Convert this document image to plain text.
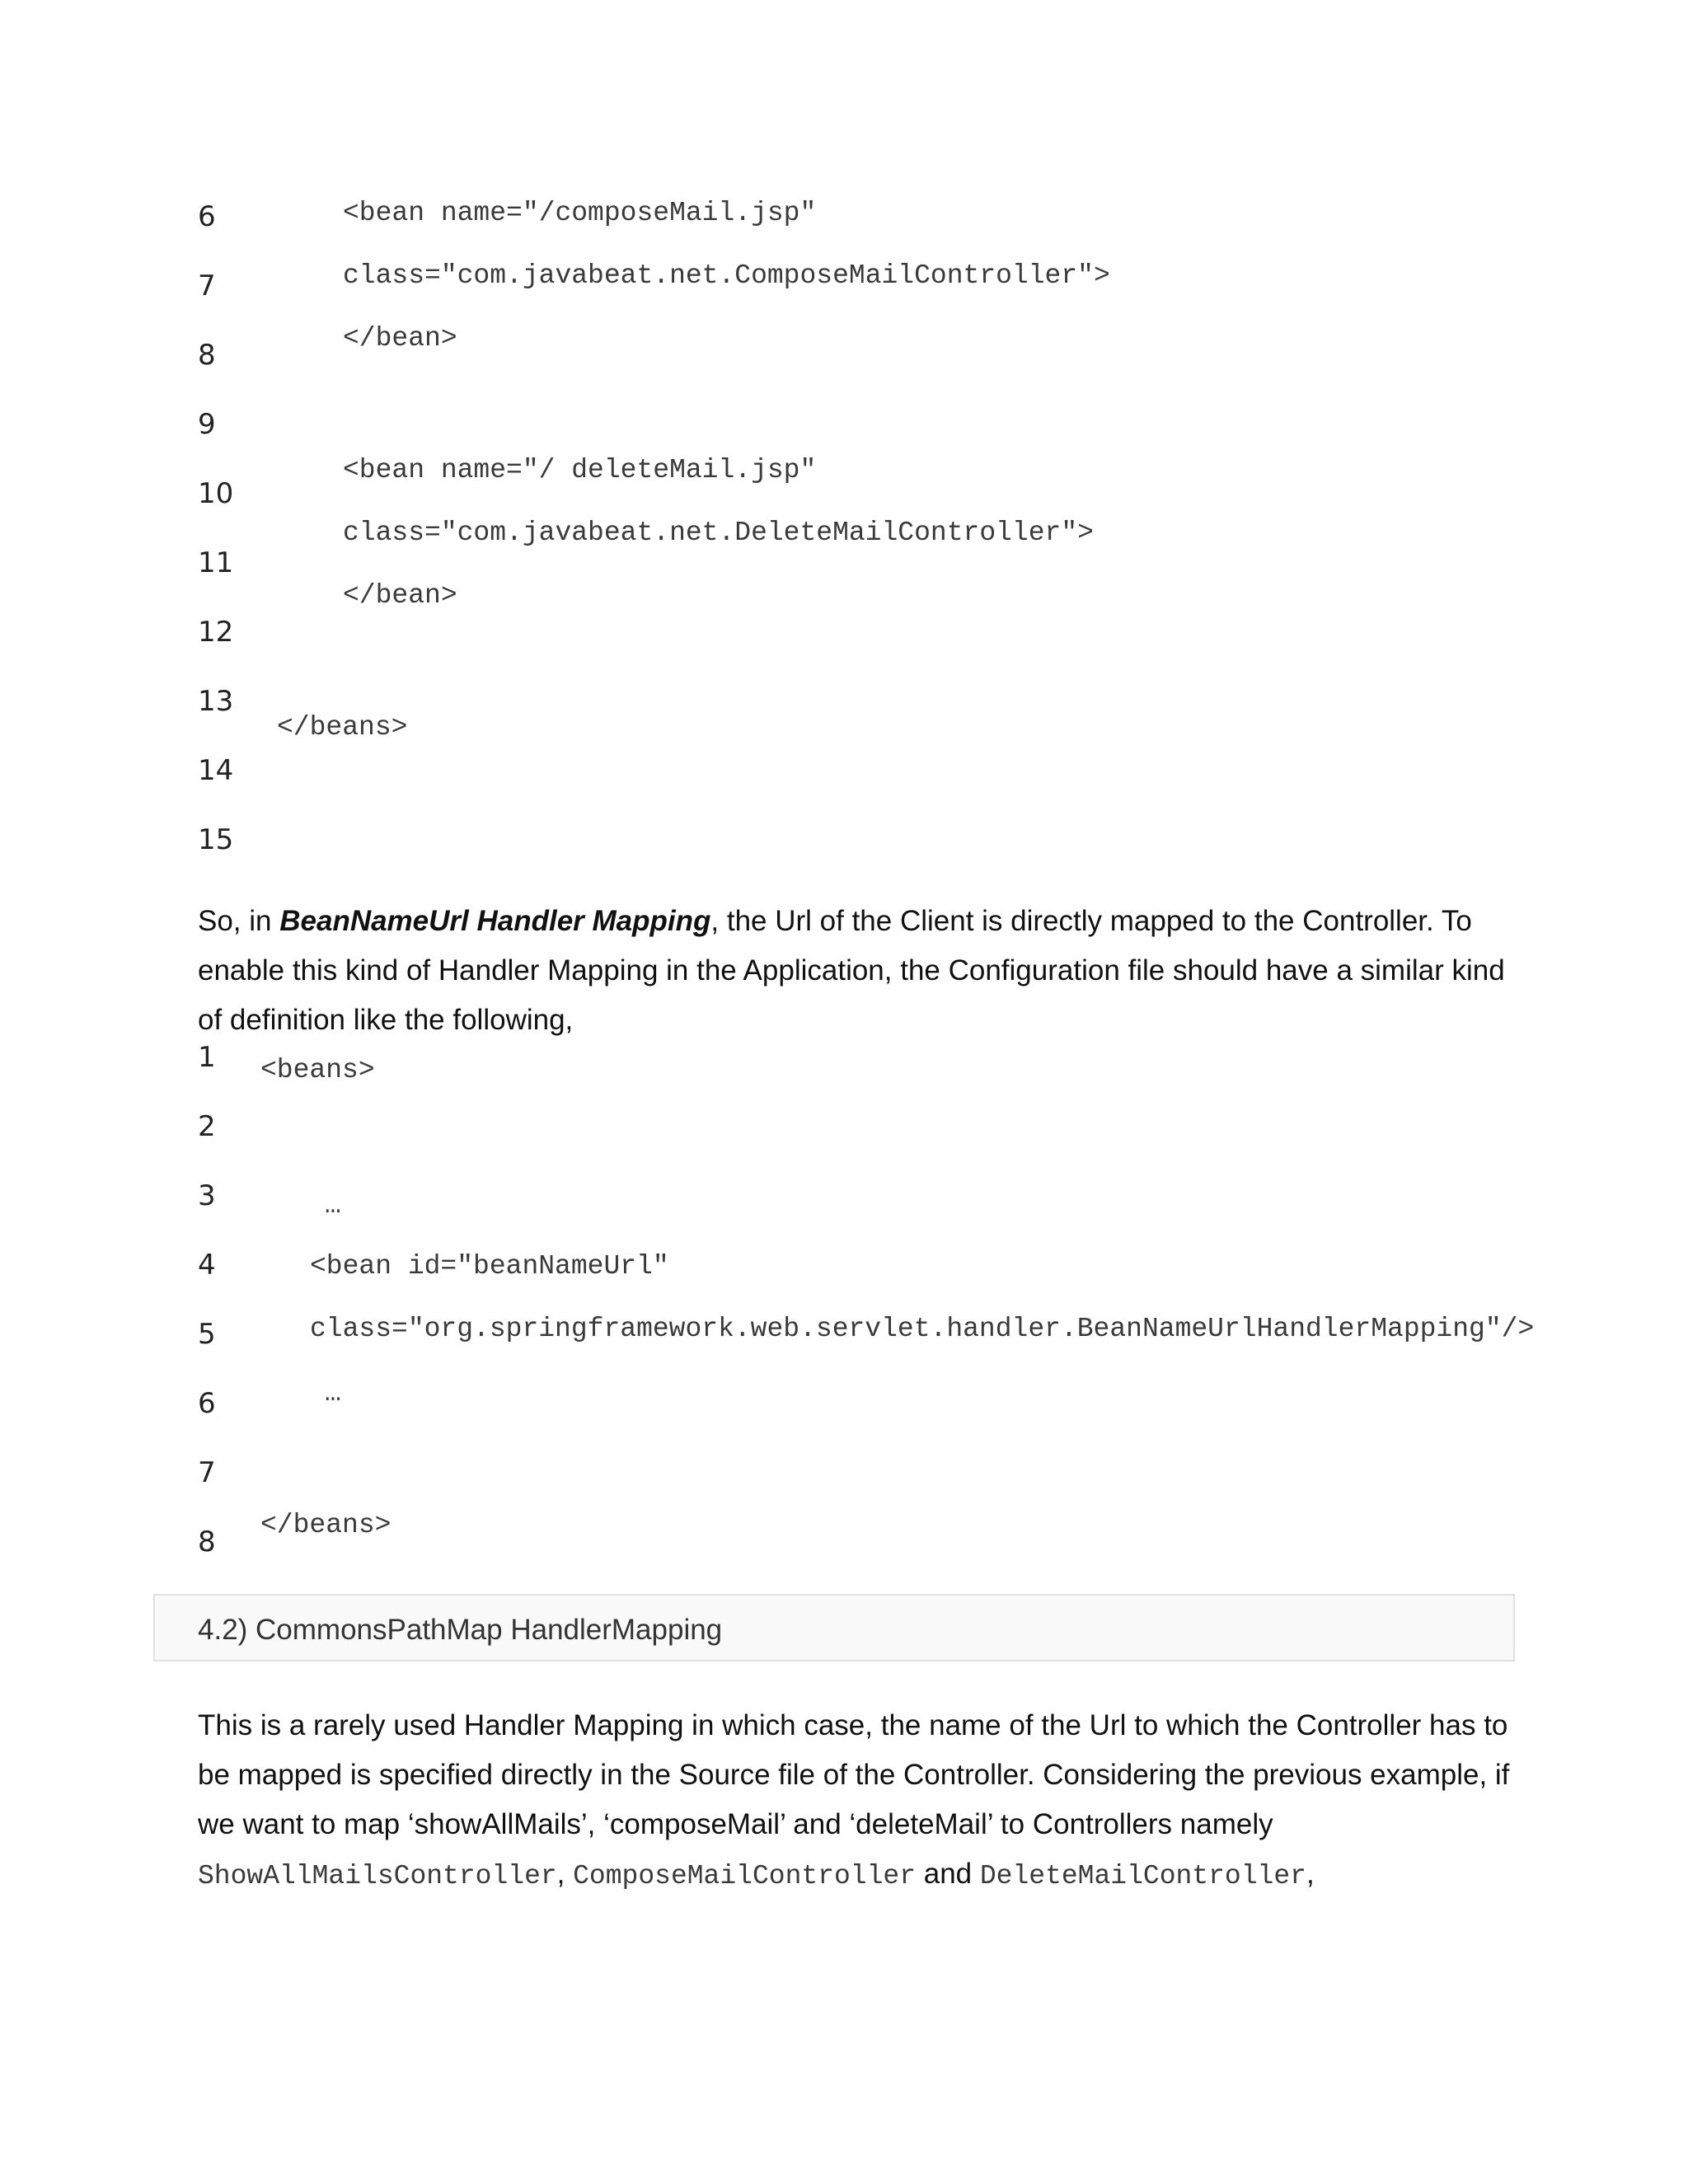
6
7
8
9
10
11
12
13
14
15
<bean name="/composeMail.jsp"
class="com.javabeat.net.ComposeMailController">
</bean>
<bean name="/ deleteMail.jsp"
class="com.javabeat.net.DeleteMailController">
</bean>
</beans>
So, in BeanNameUrl Handler Mapping, the Url of the Client is directly mapped to the Controller. To enable this kind of Handler Mapping in the Application, the Configuration file should have a similar kind of definition like the following,
1
2
3
4
5
6
7
8
<beans>
…
<bean id="beanNameUrl"
class="org.springframework.web.servlet.handler.BeanNameUrlHandlerMapping"/>
…
</beans>
4.2) CommonsPathMap HandlerMapping
This is a rarely used Handler Mapping in which case, the name of the Url to which the Controller has to be mapped is specified directly in the Source file of the Controller. Considering the previous example, if we want to map ‘showAllMails’, ‘composeMail’ and ‘deleteMail’ to Controllers namely ShowAllMailsController, ComposeMailController and DeleteMailController,
